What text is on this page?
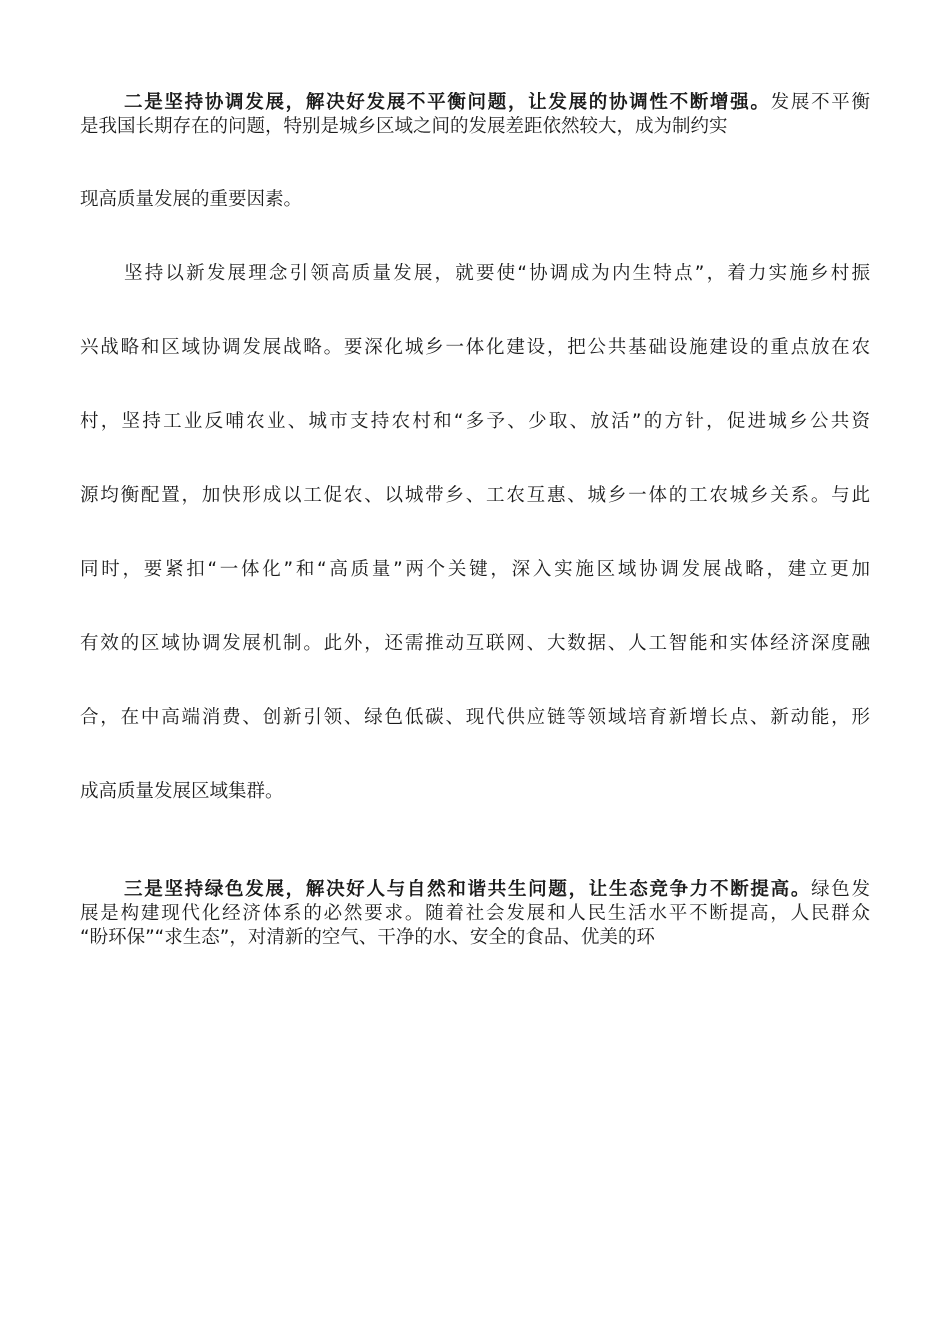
二是坚持协调发展，解决好发展不平衡问题，让发展的协调性不断增强。发展不平衡
是我国长期存在的问题，特别是城乡区域之间的发展差距依然较大，成为制约实
现高质量发展的重要因素。
坚持以新发展理念引领高质量发展，就要使“协调成为内生特点”，着力实施乡村振
兴战略和区域协调发展战略。要深化城乡一体化建设，把公共基础设施建设的重点放在农
村，坚持工业反哺农业、城市支持农村和“多予、少取、放活”的方针，促进城乡公共资
源均衡配置，加快形成以工促农、以城带乡、工农互惠、城乡一体的工农城乡关系。与此
同时，要紧扣“一体化”和“高质量”两个关键，深入实施区域协调发展战略，建立更加
有效的区域协调发展机制。此外，还需推动互联网、大数据、人工智能和实体经济深度融
合，在中高端消费、创新引领、绿色低碳、现代供应链等领域培育新增长点、新动能，形
成高质量发展区域集群。
三是坚持绿色发展，解决好人与自然和谐共生问题，让生态竞争力不断提高。绿色发
展是构建现代化经济体系的必然要求。随着社会发展和人民生活水平不断提高，人民群众
“盼环保”“求生态”，对清新的空气、干净的水、安全的食品、优美的环
